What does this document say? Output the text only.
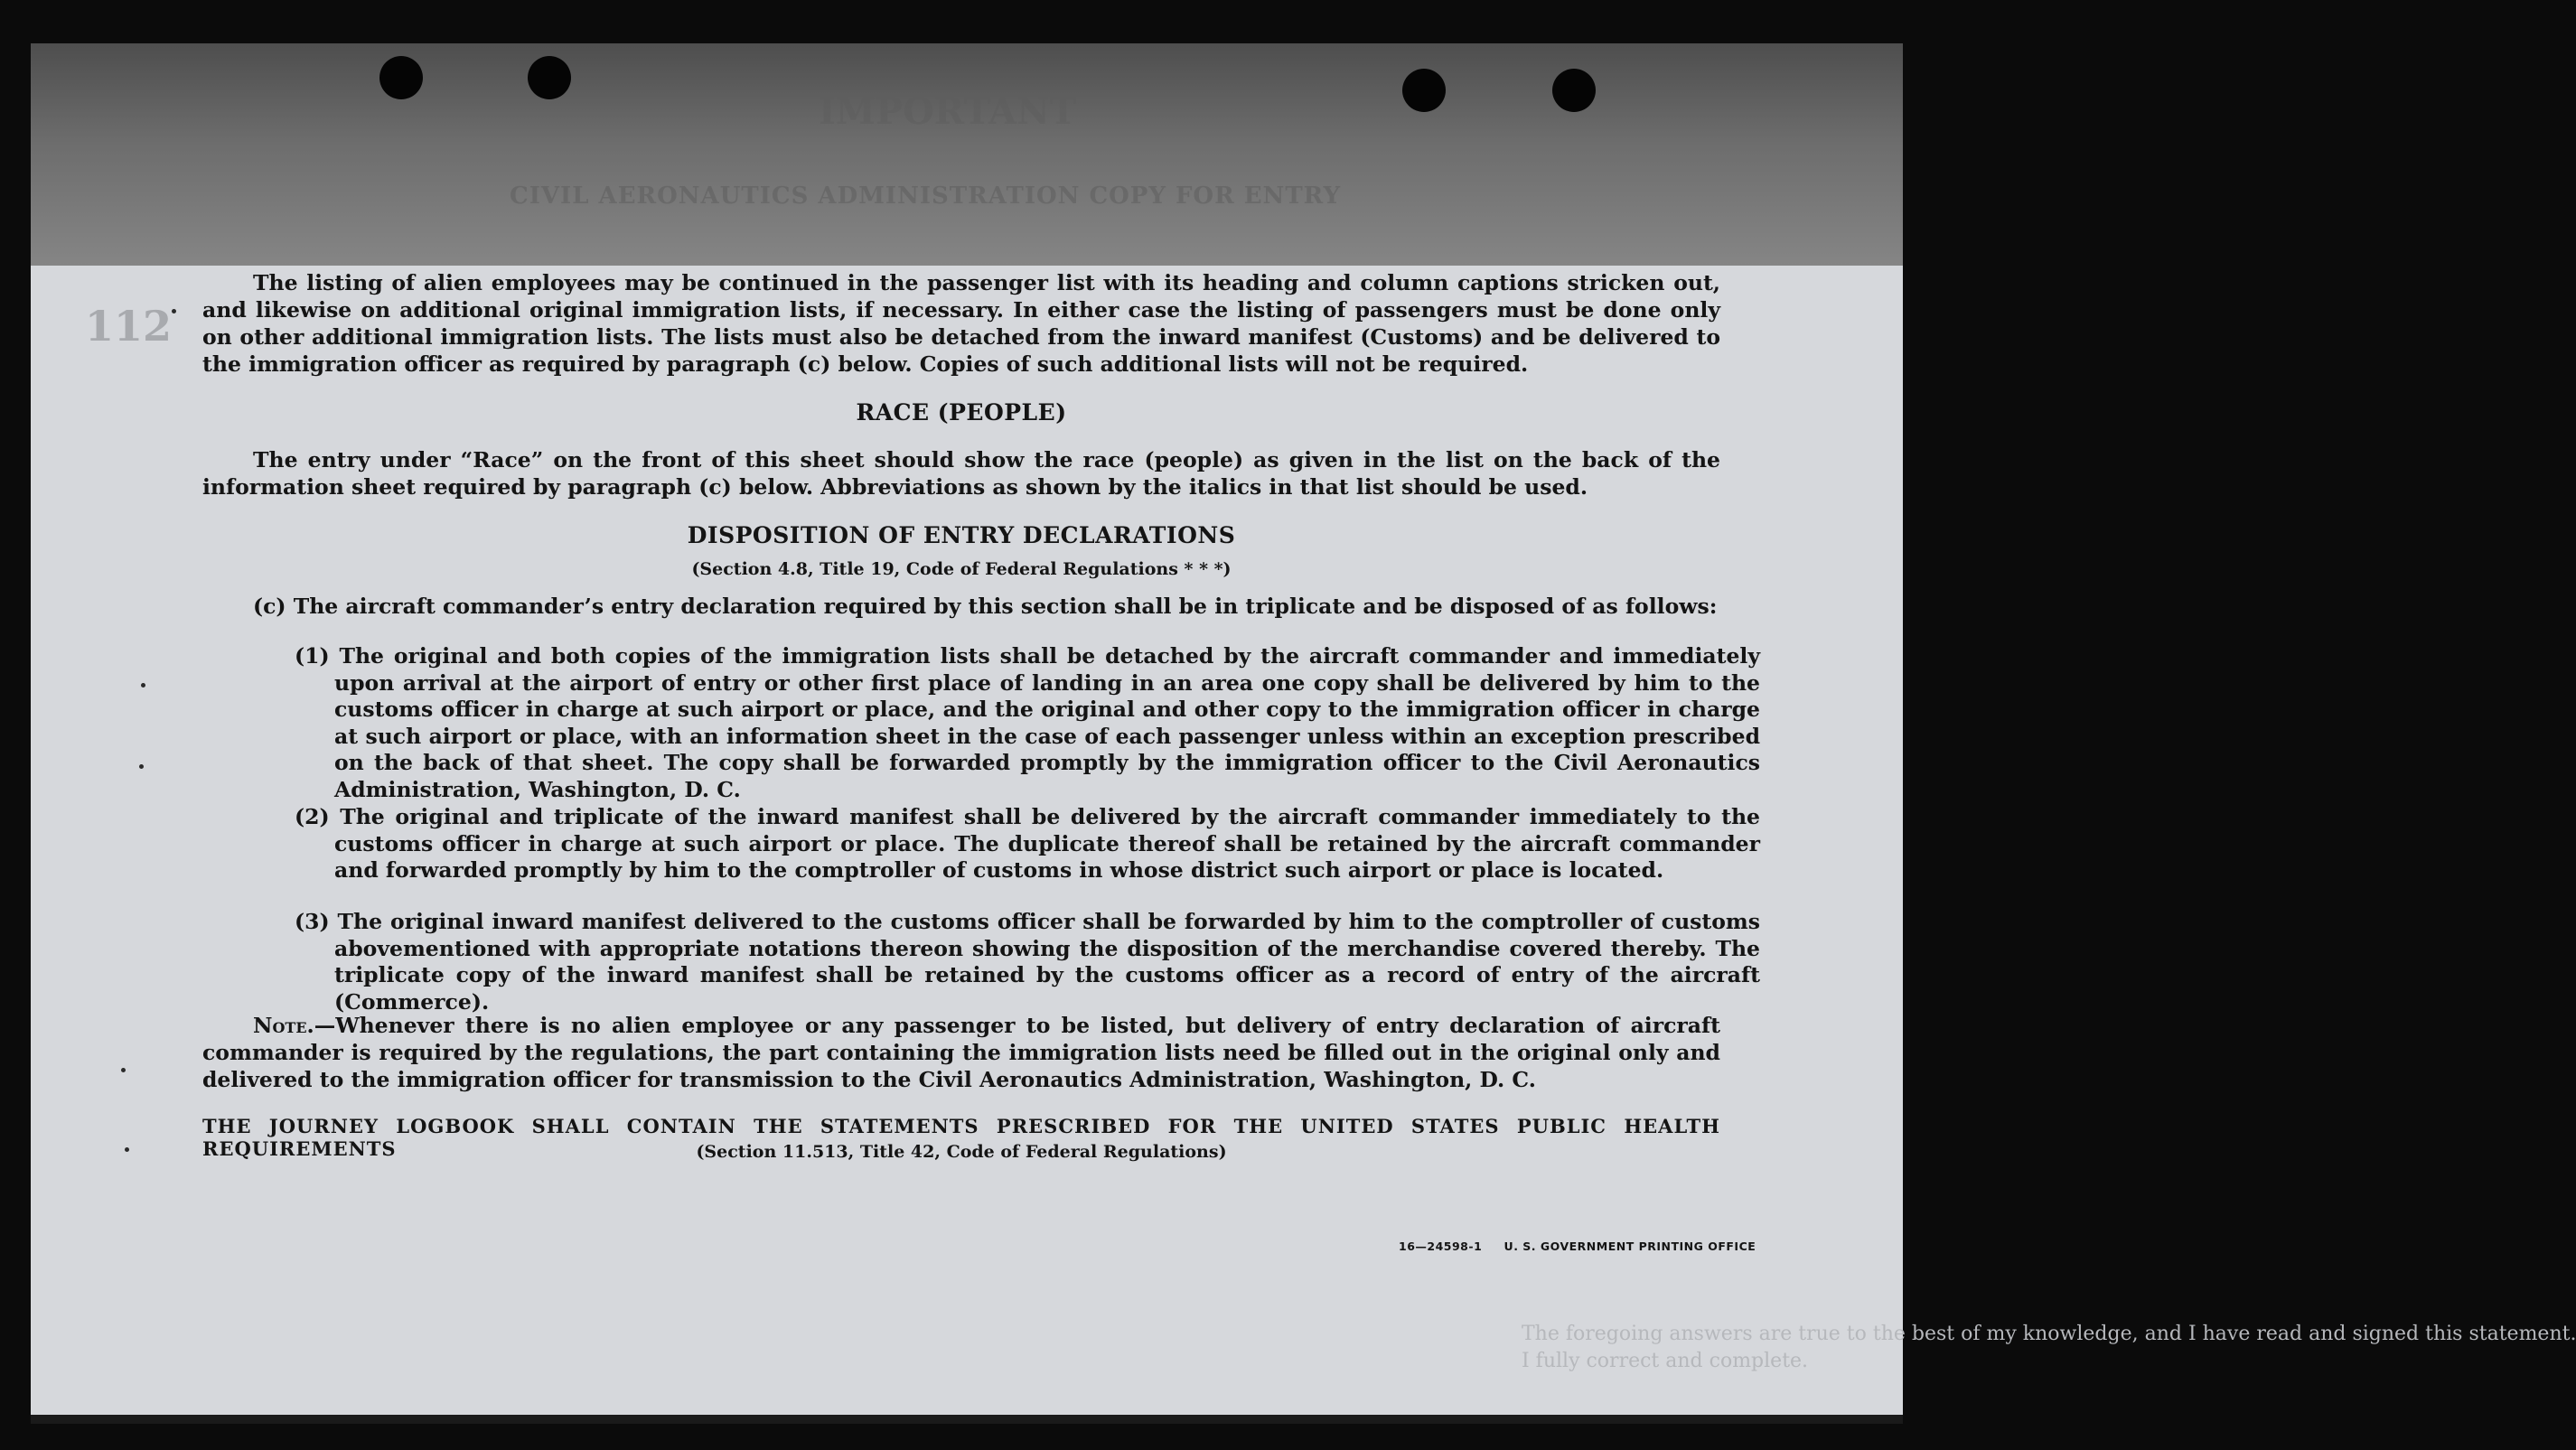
IMPORTANT
CIVIL AERONAUTICS ADMINISTRATION COPY FOR ENTRY
112
The listing of alien employees may be continued in the passenger list with its heading and column captions stricken out, and likewise on additional original immigration lists, if necessary. In either case the listing of passengers must be done only on other additional immigration lists. The lists must also be detached from the inward manifest (Customs) and be delivered to the immigration officer as required by paragraph (c) below. Copies of such additional lists will not be required.
RACE (PEOPLE)
The entry under “Race” on the front of this sheet should show the race (people) as given in the list on the back of the information sheet required by paragraph (c) below. Abbreviations as shown by the italics in that list should be used.
DISPOSITION OF ENTRY DECLARATIONS
(Section 4.8, Title 19, Code of Federal Regulations * * *)
(c) The aircraft commander’s entry declaration required by this section shall be in triplicate and be disposed of as follows:
(1) The original and both copies of the immigration lists shall be detached by the aircraft commander and immediately upon arrival at the airport of entry or other first place of landing in an area one copy shall be delivered by him to the customs officer in charge at such airport or place, and the original and other copy to the immigration officer in charge at such airport or place, with an information sheet in the case of each passenger unless within an exception prescribed on the back of that sheet. The copy shall be forwarded promptly by the immigration officer to the Civil Aeronautics Administration, Washington, D. C.
(2) The original and triplicate of the inward manifest shall be delivered by the aircraft commander immediately to the customs officer in charge at such airport or place. The duplicate thereof shall be retained by the aircraft commander and forwarded promptly by him to the comptroller of customs in whose district such airport or place is located.
(3) The original inward manifest delivered to the customs officer shall be forwarded by him to the comptroller of customs abovementioned with appropriate notations thereon showing the disposition of the merchandise covered thereby. The triplicate copy of the inward manifest shall be retained by the customs officer as a record of entry of the aircraft (Commerce).
Note.—Whenever there is no alien employee or any passenger to be listed, but delivery of entry declaration of aircraft commander is required by the regulations, the part containing the immigration lists need be filled out in the original only and delivered to the immigration officer for transmission to the Civil Aeronautics Administration, Washington, D. C.
THE JOURNEY LOGBOOK SHALL CONTAIN THE STATEMENTS PRESCRIBED FOR THE UNITED STATES PUBLIC HEALTH REQUIREMENTS	(Section 11.513, Title 42, Code of Federal Regulations)
16—24598-1 U. S. GOVERNMENT PRINTING OFFICE
The foregoing answers are true to the best of my knowledge, and I have read and signed this statement.
I fully correct and complete.
